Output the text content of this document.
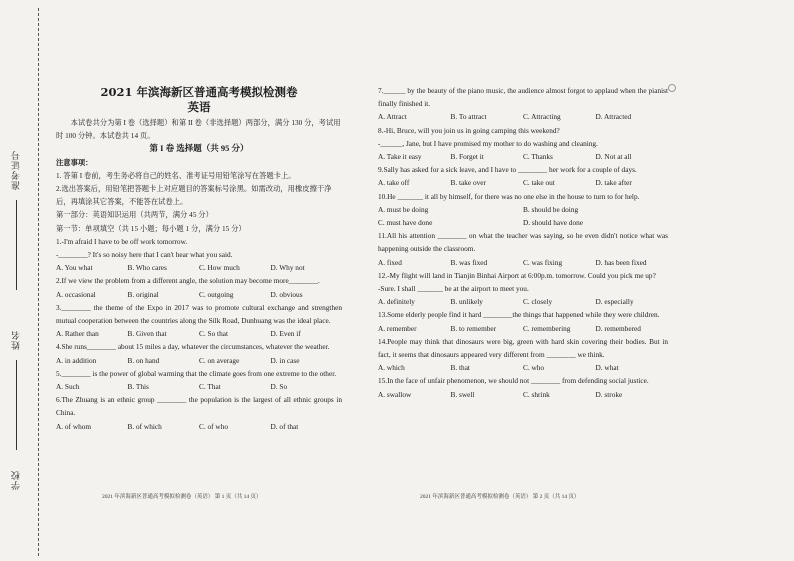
准考证号
姓名
学校
2021 年滨海新区普通高考模拟检测卷
英语
本试卷共分为第 I 卷（选择题）和第 II 卷（非选择题）两部分，满分 130 分，考试用时 100 分钟。本试卷共 14 页。
第 I 卷 选择题（共 95 分）
注意事项：
1. 答第 I 卷前，考生务必将自己的姓名、准考证号用铅笔涂写在答题卡上。
2.选出答案后，用铅笔把答题卡上对应题目的答案标号涂黑。如需改动，用橡皮擦干净后，再填涂其它答案，不能答在试卷上。
第一部分：英语知识运用（共两节，满分 45 分）
第一节：单项填空（共 15 小题；每小题 1 分，满分 15 分）
1.-I'm afraid I have to be off work tomorrow.
-________? It's so noisy here that I can't hear what you said.
A. You what	B. Who cares	C. How much	D. Why not
2.If we view the problem from a different angle, the solution may become more________.
A. occasional	B. original	C. outgoing	D. obvious
3.________ the theme of the Expo in 2017 was to promote cultural exchange and strengthen mutual cooperation between the countries along the Silk Road, Dunhuang was the ideal place.
A. Rather than	B. Given that	C. So that	D. Even if
4.She runs________ about 15 miles a day, whatever the circumstances, whatever the weather.
A. in addition	B. on hand	C. on average	D. in case
5.________ is the power of global warming that the climate goes from one extreme to the other.
A. Such	B. This	C. That	D. So
6.The Zhuang is an ethnic group ________ the population is the largest of all ethnic groups in China.
A. of whom	B. of which	C. of who	D. of that
7.______ by the beauty of the piano music, the audience almost forgot to applaud when the pianist finally finished it.
A. Attract	B. To attract	C. Attracting	D. Attracted
8.-Hi, Bruce, will you join us in going camping this weekend?
-______, Jane, but I have promised my mother to do washing and cleaning.
A. Take it easy	B. Forget it	C. Thanks	D. Not at all
9.Sally has asked for a sick leave, and I have to ________ her work for a couple of days.
A. take off	B. take over	C. take out	D. take after
10.He _______ it all by himself, for there was no one else in the house to turn to for help.
A. must be doing	B. should be doing
C. must have done	D. should have done
11.All his attention ________ on what the teacher was saying, so he even didn't notice what was happening outside the classroom.
A. fixed	B. was fixed	C. was fixing	D. has been fixed
12.-My flight will land in Tianjin Binhai Airport at 6:00p.m. tomorrow. Could you pick me up?
-Sure. I shall _______ be at the airport to meet you.
A. definitely	B. unlikely	C. closely	D. especially
13.Some elderly people find it hard ________the things that happened while they were children.
A. remember	B. to remember	C. remembering	D. remembered
14.People may think that dinosaurs were big, green with hard skin covering their bodies. But in fact, it seems that dinosaurs appeared very different from ________ we think.
A. which	B. that	C. who	D. what
15.In the face of unfair phenomenon, we should not ________ from defending social justice.
A. swallow	B. swell	C. shrink	D. stroke
2021 年滨海新区普通高考模拟检测卷（英语） 第 1 页（共 14 页）	2021 年滨海新区普通高考模拟检测卷（英语） 第 2 页（共 14 页）
